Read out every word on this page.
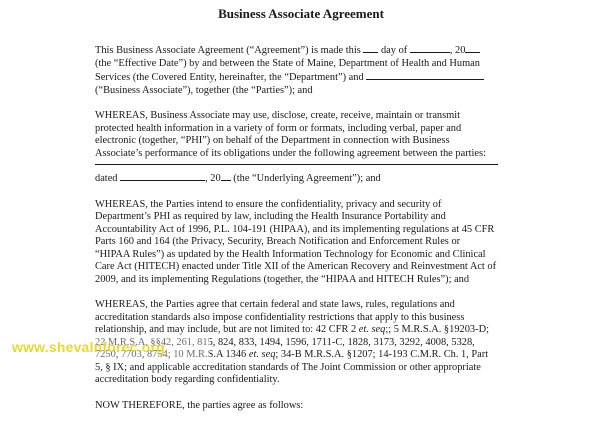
Business Associate Agreement
This Business Associate Agreement (“Agreement”) is made this  day of	, 20
(the “Effective Date”) by and between the State of Maine, Department of Health and Human
Services (the Covered Entity, hereinafter, the “Department”) and
(“Business Associate”), together (the “Parties”); and
WHEREAS, Business Associate may use, disclose, create, receive, maintain or transmit
protected health information in a variety of form or formats, including verbal, paper and
electronic (together, “PHI”) on behalf of the Department in connection with Business
Associate’s performance of its obligations under the following agreement between the parties:
dated	, 20 (the “Underlying Agreement”); and
WHEREAS, the Parties intend to ensure the confidentiality, privacy and security of
Department’s PHI as required by law, including the Health Insurance Portability and
Accountability Act of 1996, P.L. 104-191 (HIPAA), and its implementing regulations at 45 CFR
Parts 160 and 164 (the Privacy, Security, Breach Notification and Enforcement Rules or
“HIPAA Rules”) as updated by the Health Information Technology for Economic and Clinical
Care Act (HITECH) enacted under Title XII of the American Recovery and Reinvestment Act of
2009, and its implementing Regulations (together, the “HIPAA and HITECH Rules”); and
WHEREAS, the Parties agree that certain federal and state laws, rules, regulations and
accreditation standards also impose confidentiality restrictions that apply to this business
relationship, and may include, but are not limited to: 42 CFR 2 et. seq;; 5 M.R.S.A. §19203-D;
22 M.R.S.A. §§42, 261, 815, 824, 833, 1494, 1596, 1711-C, 1828, 3173, 3292, 4008, 5328,
7250, 7703, 8754; 10 M.R.S.A 1346 et. seq; 34-B M.R.S.A. §1207; 14-193 C.M.R. Ch. 1, Part
5, § IX; and applicable accreditation standards of The Joint Commission or other appropriate
accreditation body regarding confidentiality.
NOW THEREFORE, the parties agree as follows:
www.shevalnforec.org
